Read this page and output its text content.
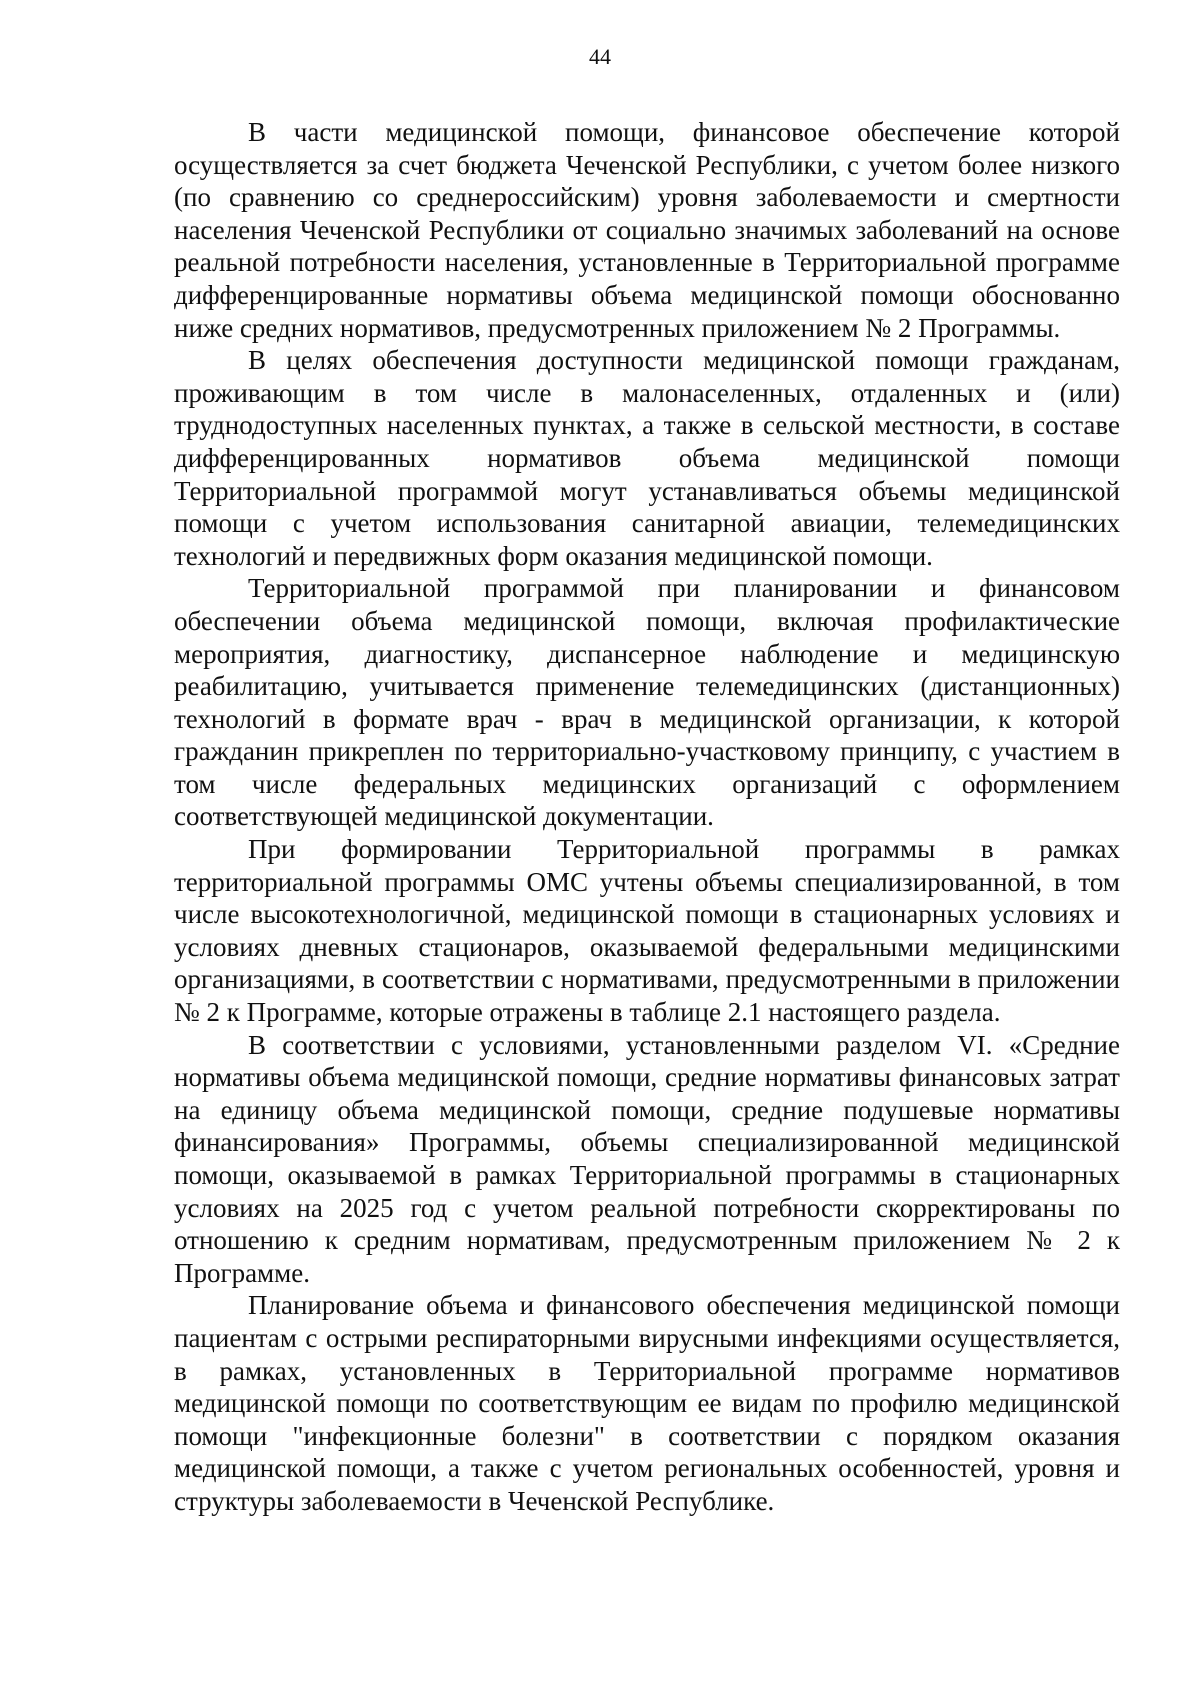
44

В части медицинской помощи, финансовое обеспечение которой осуществляется за счет бюджета Чеченской Республики, с учетом более низкого (по сравнению со среднероссийским) уровня заболеваемости и смертности населения Чеченской Республики от социально значимых заболеваний на основе реальной потребности населения, установленные в Территориальной программе дифференцированные нормативы объема медицинской помощи обоснованно ниже средних нормативов, предусмотренных приложением № 2 Программы.

В целях обеспечения доступности медицинской помощи гражданам, проживающим в том числе в малонаселенных, отдаленных и (или) труднодоступных населенных пунктах, а также в сельской местности, в составе дифференцированных нормативов объема медицинской помощи Территориальной программой могут устанавливаться объемы медицинской помощи с учетом использования санитарной авиации, телемедицинских технологий и передвижных форм оказания медицинской помощи.

Территориальной программой при планировании и финансовом обеспечении объема медицинской помощи, включая профилактические мероприятия, диагностику, диспансерное наблюдение и медицинскую реабилитацию, учитывается применение телемедицинских (дистанционных) технологий в формате врач - врач в медицинской организации, к которой гражданин прикреплен по территориально-участковому принципу, с участием в том числе федеральных медицинских организаций с оформлением соответствующей медицинской документации.

При формировании Территориальной программы в рамках территориальной программы ОМС учтены объемы специализированной, в том числе высокотехнологичной, медицинской помощи в стационарных условиях и условиях дневных стационаров, оказываемой федеральными медицинскими организациями, в соответствии с нормативами, предусмотренными в приложении № 2 к Программе, которые отражены в таблице 2.1 настоящего раздела.

В соответствии с условиями, установленными разделом VI. «Средние нормативы объема медицинской помощи, средние нормативы финансовых затрат на единицу объема медицинской помощи, средние подушевые нормативы финансирования» Программы, объемы специализированной медицинской помощи, оказываемой в рамках Территориальной программы в стационарных условиях на 2025 год с учетом реальной потребности скорректированы по отношению к средним нормативам, предусмотренным приложением № 2 к Программе.

Планирование объема и финансового обеспечения медицинской помощи пациентам с острыми респираторными вирусными инфекциями осуществляется, в рамках, установленных в Территориальной программе нормативов медицинской помощи по соответствующим ее видам по профилю медицинской помощи "инфекционные болезни" в соответствии с порядком оказания медицинской помощи, а также с учетом региональных особенностей, уровня и структуры заболеваемости в Чеченской Республике.
